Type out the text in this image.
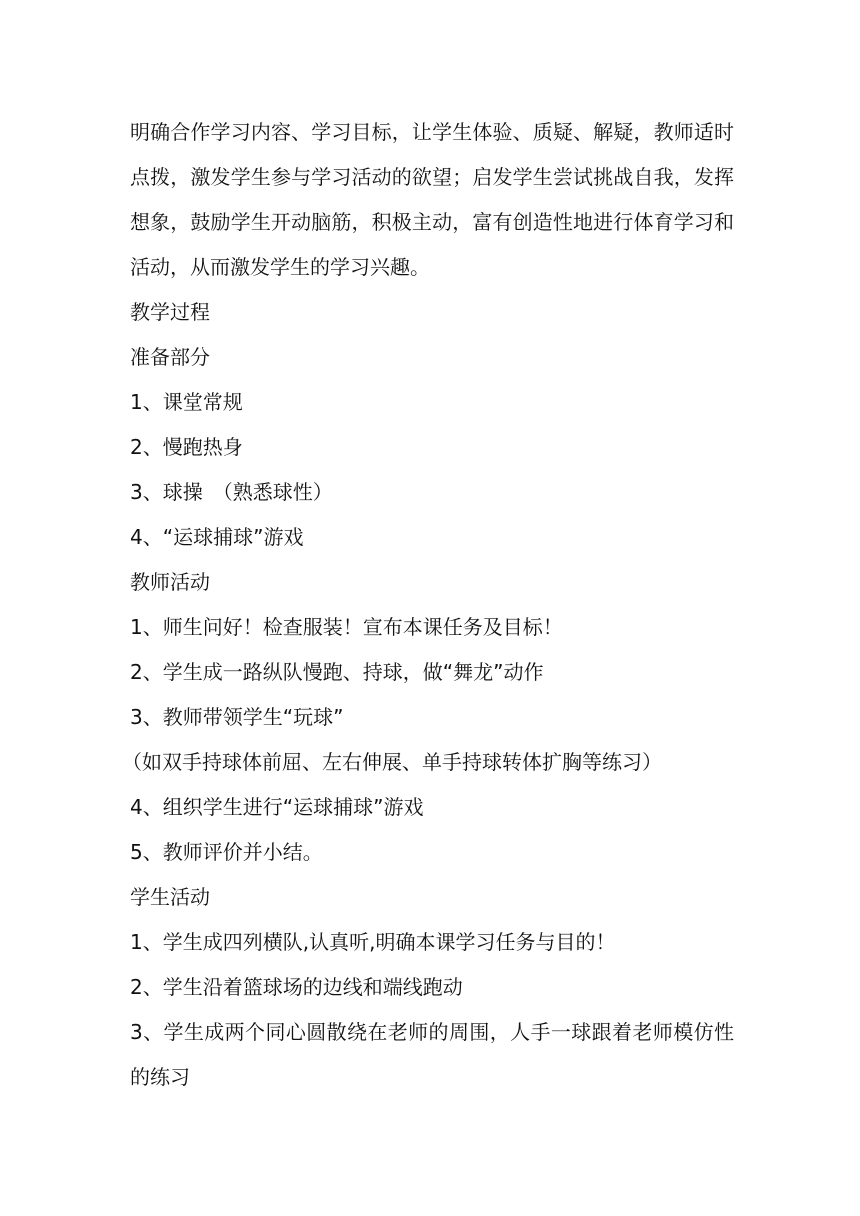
明确合作学习内容、学习目标，让学生体验、质疑、解疑，教师适时点拨，激发学生参与学习活动的欲望；启发学生尝试挑战自我，发挥想象，鼓励学生开动脑筋，积极主动，富有创造性地进行体育学习和活动，从而激发学生的学习兴趣。

教学过程
准备部分
1、课堂常规
2、慢跑热身
3、球操　（熟悉球性）
4、“运球捕球”游戏
教师活动
1、师生问好！检查服装！宣布本课任务及目标！
2、学生成一路纵队慢跑、持球，做“舞龙”动作
3、教师带领学生“玩球”
（如双手持球体前屈、左右伸展、单手持球转体扩胸等练习）
4、组织学生进行“运球捕球”游戏
5、教师评价并小结。
学生活动
1、学生成四列横队,认真听,明确本课学习任务与目的！
2、学生沿着篮球场的边线和端线跑动

3、学生成两个同心圆散绕在老师的周围，人手一球跟着老师模仿性的练习
